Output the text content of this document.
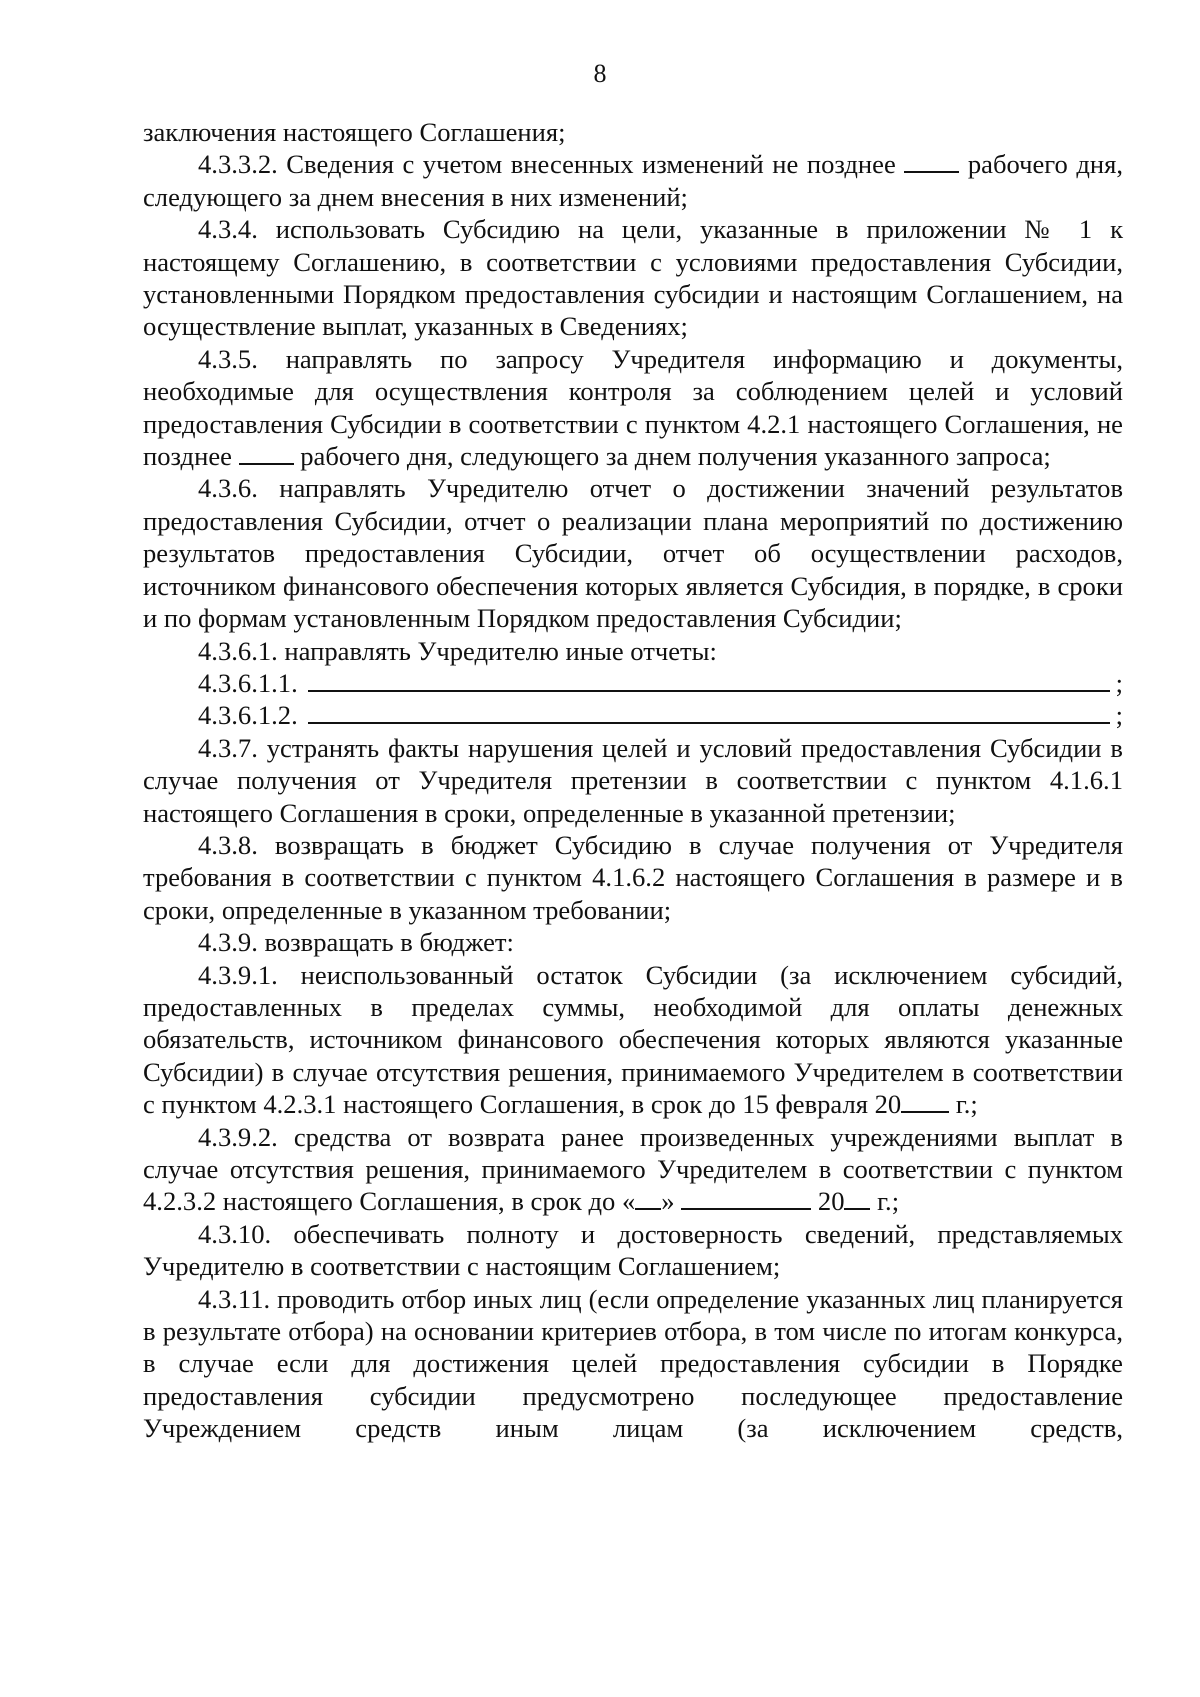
8

заключения настоящего Соглашения;

4.3.3.2. Сведения с учетом внесенных изменений не позднее	рабочего дня, следующего за днем внесения в них изменений;

4.3.4. использовать Субсидию на цели, указанные в приложении № 1 к настоящему Соглашению, в соответствии с условиями предоставления Субсидии, установленными Порядком предоставления субсидии и настоящим Соглашением, на осуществление выплат, указанных в Сведениях;

4.3.5. направлять по запросу Учредителя информацию и документы, необходимые для осуществления контроля за соблюдением целей и условий предоставления Субсидии в соответствии с пунктом 4.2.1 настоящего Соглашения, не позднее	рабочего дня, следующего за днем получения указанного запроса;

4.3.6. направлять Учредителю отчет о достижении значений результатов предоставления Субсидии, отчет о реализации плана мероприятий по достижению результатов предоставления Субсидии, отчет об осуществлении расходов, источником финансового обеспечения которых является Субсидия, в порядке, в сроки и по формам установленным Порядком предоставления Субсидии;

4.3.6.1. направлять Учредителю иные отчеты:

4.3.6.1.1.	;
4.3.6.1.2.	;

4.3.7. устранять факты нарушения целей и условий предоставления Субсидии в случае получения от Учредителя претензии в соответствии с пунктом 4.1.6.1 настоящего Соглашения в сроки, определенные в указанной претензии;

4.3.8. возвращать в бюджет Субсидию в случае получения от Учредителя требования в соответствии с пунктом 4.1.6.2 настоящего Соглашения в размере и в сроки, определенные в указанном требовании;

4.3.9. возвращать в бюджет:

4.3.9.1. неиспользованный остаток Субсидии (за исключением субсидий, предоставленных в пределах суммы, необходимой для оплаты денежных обязательств, источником финансового обеспечения которых являются указанные Субсидии) в случае отсутствия решения, принимаемого Учредителем в соответствии с пунктом 4.2.3.1 настоящего Соглашения, в срок до 15 февраля 20 г.;

4.3.9.2. средства от возврата ранее произведенных учреждениями выплат в случае отсутствия решения, принимаемого Учредителем в соответствии с пунктом 4.2.3.2 настоящего Соглашения, в срок до « »	20 г.;

4.3.10. обеспечивать полноту и достоверность сведений, представляемых Учредителю в соответствии с настоящим Соглашением;

4.3.11. проводить отбор иных лиц (если определение указанных лиц планируется в результате отбора) на основании критериев отбора, в том числе по итогам конкурса, в случае если для достижения целей предоставления субсидии в Порядке предоставления субсидии предусмотрено последующее предоставление Учреждением средств иным лицам (за исключением средств,
